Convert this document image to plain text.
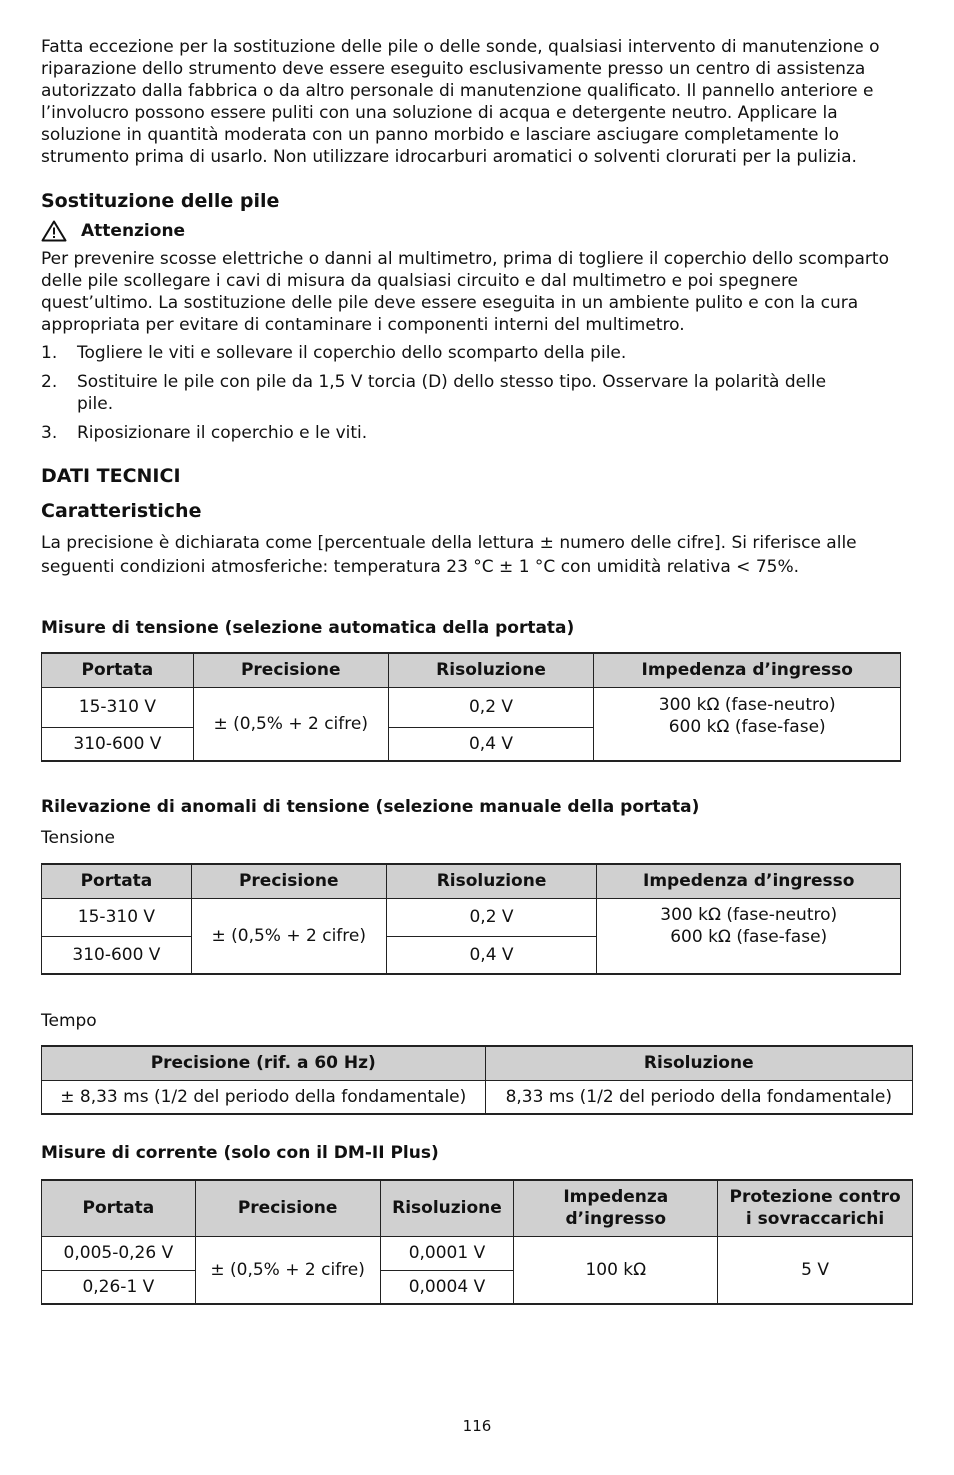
Fatta eccezione per la sostituzione delle pile o delle sonde, qualsiasi intervento di manutenzione o riparazione dello strumento deve essere eseguito esclusivamente presso un centro di assistenza autorizzato dalla fabbrica o da altro personale di manutenzione qualificato. Il pannello anteriore e l’involucro possono essere puliti con una soluzione di acqua e detergente neutro. Applicare la soluzione in quantità moderata con un panno morbido e lasciare asciugare completamente lo strumento prima di usarlo. Non utilizzare idrocarburi aromatici o solventi clorurati per la pulizia.

Sostituzione delle pile
Attenzione

Per prevenire scosse elettriche o danni al multimetro, prima di togliere il coperchio dello scomparto delle pile scollegare i cavi di misura da qualsiasi circuito e dal multimetro e poi spegnere quest’ultimo. La sostituzione delle pile deve essere eseguita in un ambiente pulito e con la cura appropriata per evitare di contaminare i componenti interni del multimetro.

1.	Togliere le viti e sollevare il coperchio dello scomparto della pile.
2.	Sostituire le pile con pile da 1,5 V torcia (D) dello stesso tipo. Osservare la polarità delle pile.
3.	Riposizionare il coperchio e le viti.
DATI TECNICI
Caratteristiche

La precisione è dichiarata come [percentuale della lettura ± numero delle cifre]. Si riferisce alle seguenti condizioni atmosferiche: temperatura 23 °C ± 1 °C con umidità relativa < 75%.

Misure di tensione (selezione automatica della portata)
Portata	Precisione	Risoluzione	Impedenza d’ingresso
15-310 V	± (0,5% + 2 cifre)	0,2 V	300 kΩ (fase-neutro)
600 kΩ (fase-fase)

310-600 V		0,4 V	
Rilevazione di anomali di tensione (selezione manuale della portata)

Tensione

Portata	Precisione	Risoluzione	Impedenza d’ingresso
15-310 V	± (0,5% + 2 cifre)	0,2 V	300 kΩ (fase-neutro)
600 kΩ (fase-fase)

310-600 V		0,4 V	

Tempo

Precisione (rif. a 60 Hz)	Risoluzione
± 8,33 ms (1/2 del periodo della fondamentale)	8,33 ms (1/2 del periodo della fondamentale)
Misure di corrente (solo con il DM-II Plus)
Portata	Precisione	Risoluzione	Impedenza d’ingresso	Protezione contro i sovraccarichi
0,005-0,26 V	± (0,5% + 2 cifre)	0,0001 V	100 kΩ	5 V
0,26-1 V		0,0004 V		
116
